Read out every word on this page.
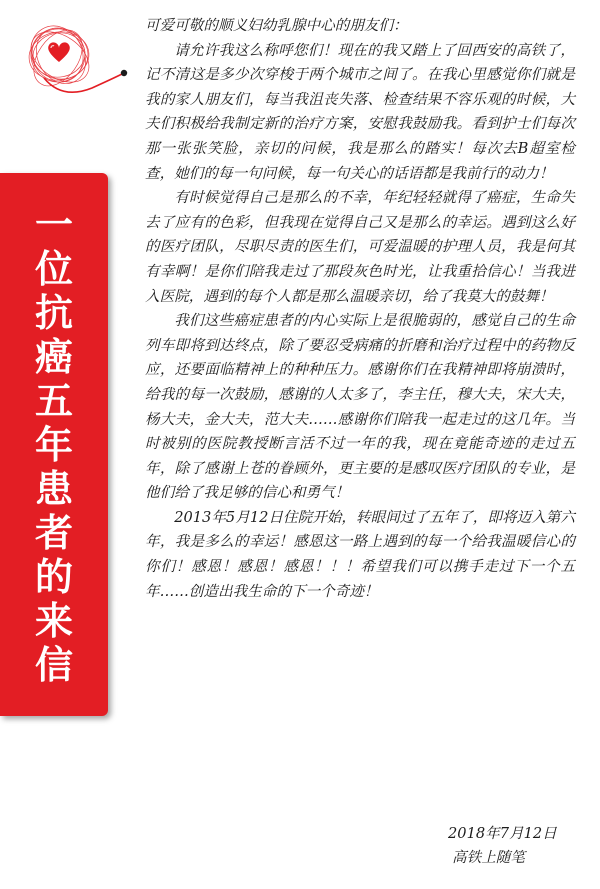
一
位
抗
癌
五
年
患
者
的
来
信

可爱可敬的顺义妇幼乳腺中心的朋友们：

请允许我这么称呼您们！现在的我又踏上了回西安的高铁了，记不清这是多少次穿梭于两个城市之间了。在我心里感觉你们就是我的家人朋友们，每当我沮丧失落、检查结果不容乐观的时候，大夫们积极给我制定新的治疗方案，安慰我鼓励我。看到护士们每次那一张张笑脸，亲切的问候，我是那么的踏实！每次去B超室检查，她们的每一句问候，每一句关心的话语都是我前行的动力！

有时候觉得自己是那么的不幸，年纪轻轻就得了癌症，生命失去了应有的色彩，但我现在觉得自己又是那么的幸运。遇到这么好的医疗团队，尽职尽责的医生们，可爱温暖的护理人员，我是何其有幸啊！是你们陪我走过了那段灰色时光，让我重拾信心！当我进入医院，遇到的每个人都是那么温暖亲切，给了我莫大的鼓舞！

我们这些癌症患者的内心实际上是很脆弱的，感觉自己的生命列车即将到达终点，除了要忍受病痛的折磨和治疗过程中的药物反应，还要面临精神上的种种压力。感谢你们在我精神即将崩溃时，给我的每一次鼓励，感谢的人太多了，李主任，穆大夫，宋大夫，杨大夫，金大夫，范大夫……感谢你们陪我一起走过的这几年。当时被别的医院教授断言活不过一年的我，现在竟能奇迹的走过五年，除了感谢上苍的眷顾外，更主要的是感叹医疗团队的专业，是他们给了我足够的信心和勇气！

2013年5月12日住院开始，转眼间过了五年了，即将迈入第六年，我是多么的幸运！感恩这一路上遇到的每一个给我温暖信心的你们！感恩！感恩！感恩！！！希望我们可以携手走过下一个五年……创造出我生命的下一个奇迹！

2018年7月12日
高铁上随笔
